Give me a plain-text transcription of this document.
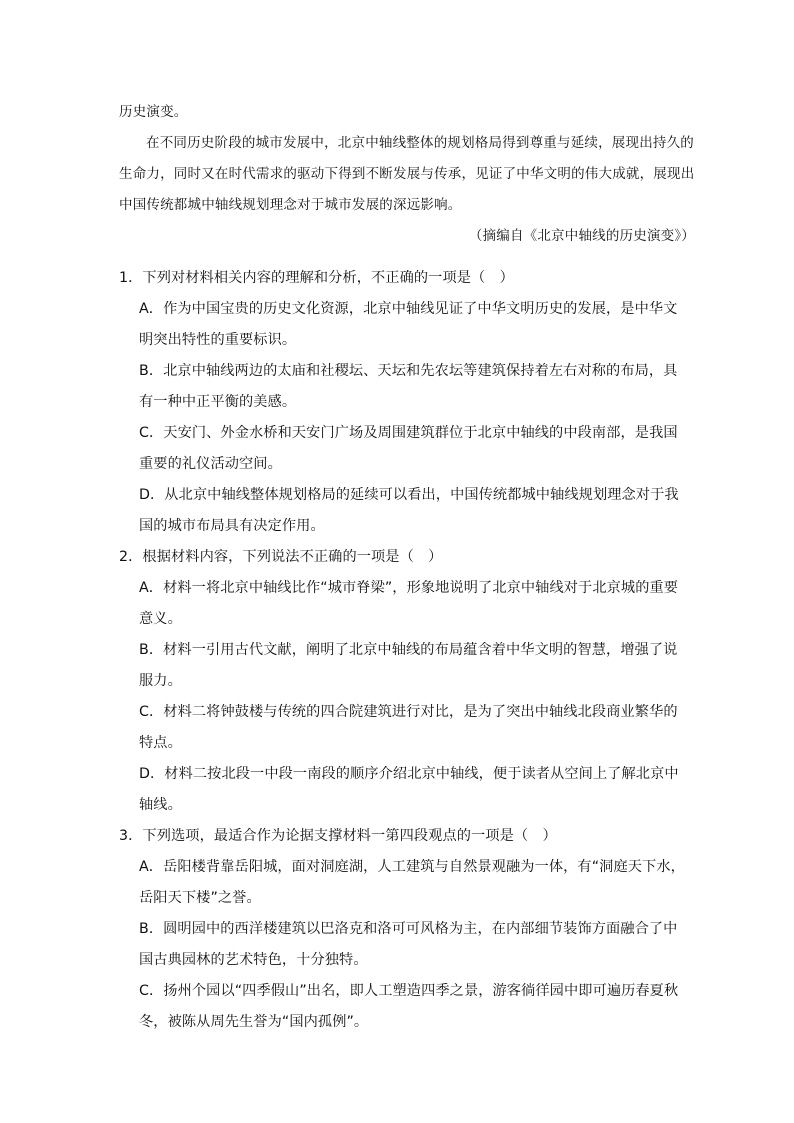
历史演变。

在不同历史阶段的城市发展中，北京中轴线整体的规划格局得到尊重与延续，展现出持久的生命力，同时又在时代需求的驱动下得到不断发展与传承，见证了中华文明的伟大成就，展现出中国传统都城中轴线规划理念对于城市发展的深远影响。

（摘编自《北京中轴线的历史演变》）

1．下列对材料相关内容的理解和分析，不正确的一项是（　）

A．作为中国宝贵的历史文化资源，北京中轴线见证了中华文明历史的发展，是中华文明突出特性的重要标识。

B．北京中轴线两边的太庙和社稷坛、天坛和先农坛等建筑保持着左右对称的布局，具有一种中正平衡的美感。

C．天安门、外金水桥和天安门广场及周围建筑群位于北京中轴线的中段南部，是我国重要的礼仪活动空间。

D．从北京中轴线整体规划格局的延续可以看出，中国传统都城中轴线规划理念对于我国的城市布局具有决定作用。

2．根据材料内容，下列说法不正确的一项是（　）

A．材料一将北京中轴线比作“城市脊梁”，形象地说明了北京中轴线对于北京城的重要意义。

B．材料一引用古代文献，阐明了北京中轴线的布局蕴含着中华文明的智慧，增强了说服力。

C．材料二将钟鼓楼与传统的四合院建筑进行对比，是为了突出中轴线北段商业繁华的特点。

D．材料二按北段一中段一南段的顺序介绍北京中轴线，便于读者从空间上了解北京中轴线。

3．下列选项，最适合作为论据支撑材料一第四段观点的一项是（　）

A．岳阳楼背靠岳阳城，面对洞庭湖，人工建筑与自然景观融为一体，有“洞庭天下水，岳阳天下楼”之誉。

B．圆明园中的西洋楼建筑以巴洛克和洛可可风格为主，在内部细节装饰方面融合了中国古典园林的艺术特色，十分独特。

C．扬州个园以“四季假山”出名，即人工塑造四季之景，游客徜徉园中即可遍历春夏秋冬，被陈从周先生誉为“国内孤例”。
